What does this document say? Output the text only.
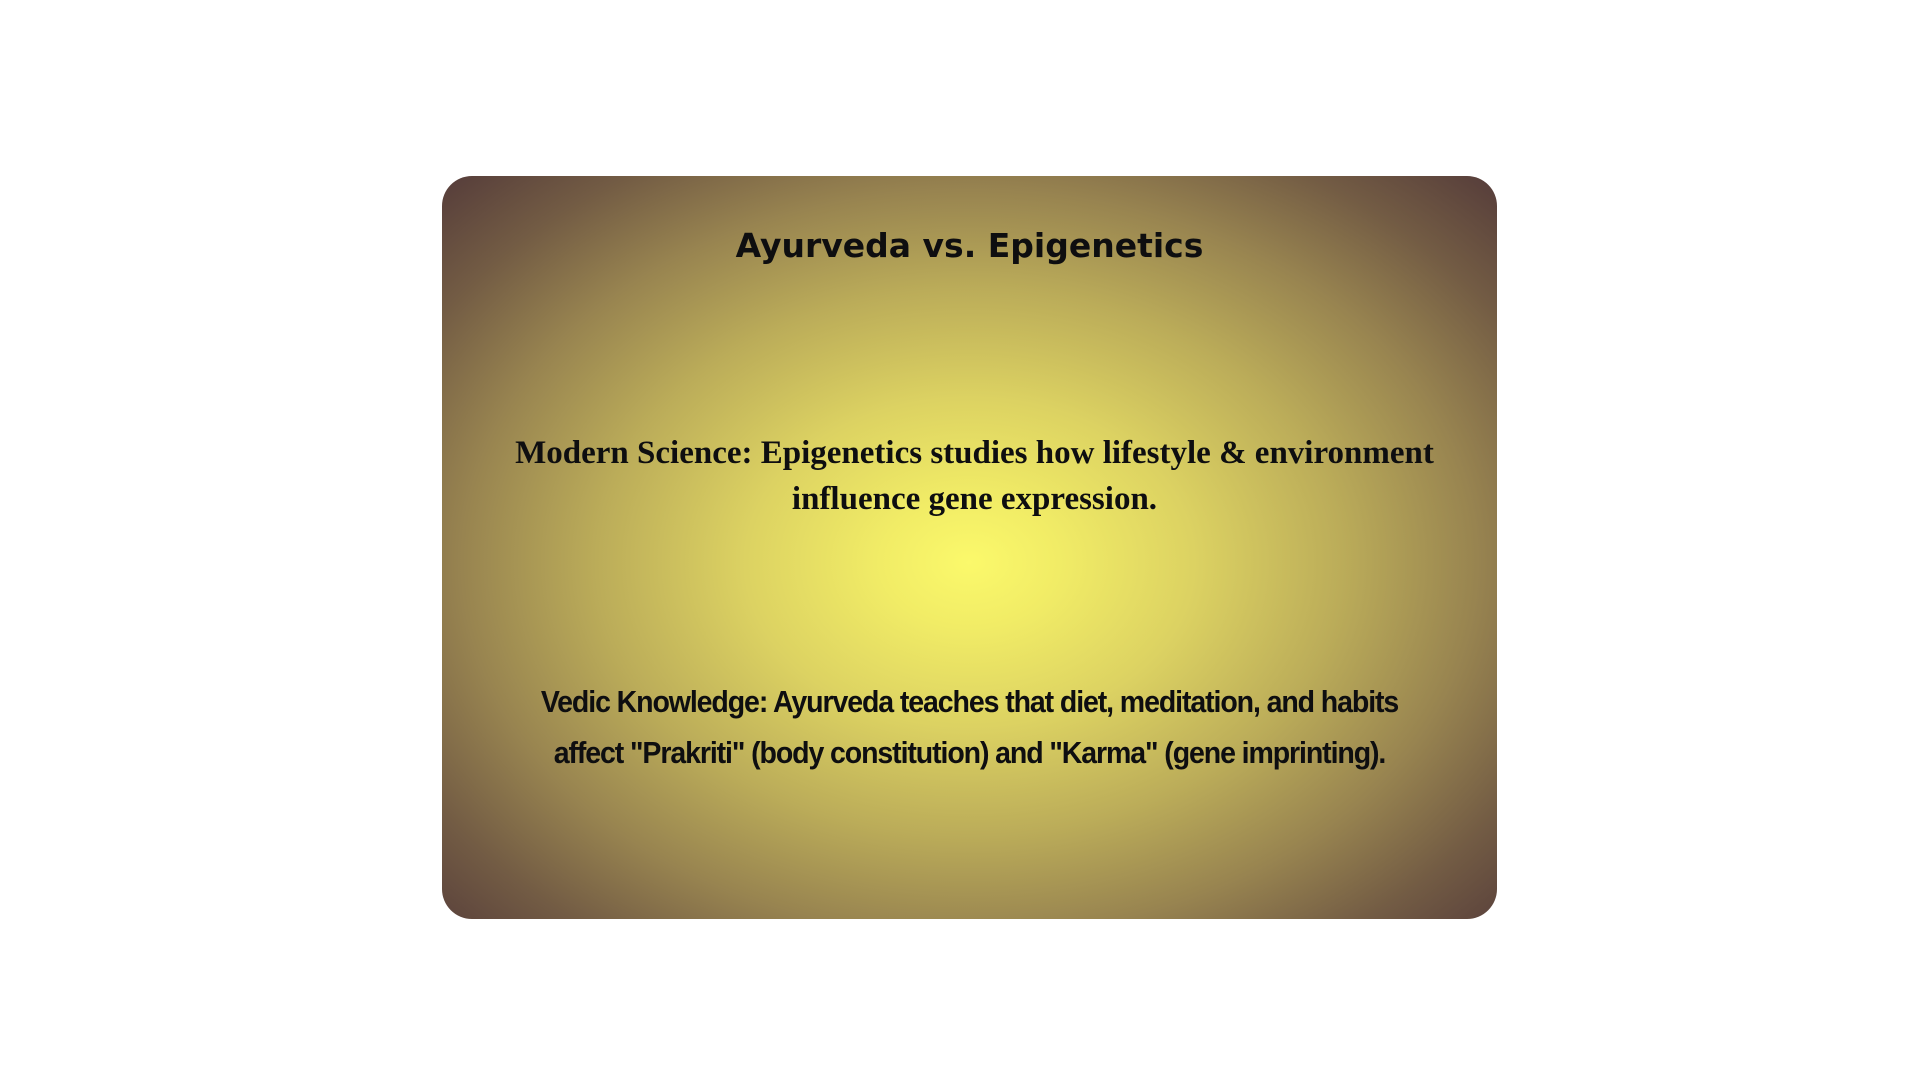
Ayurveda vs. Epigenetics

Modern Science: Epigenetics studies how lifestyle & environment influence gene expression.

Vedic Knowledge: Ayurveda teaches that diet, meditation, and habits affect "Prakriti" (body constitution) and "Karma" (gene imprinting).
